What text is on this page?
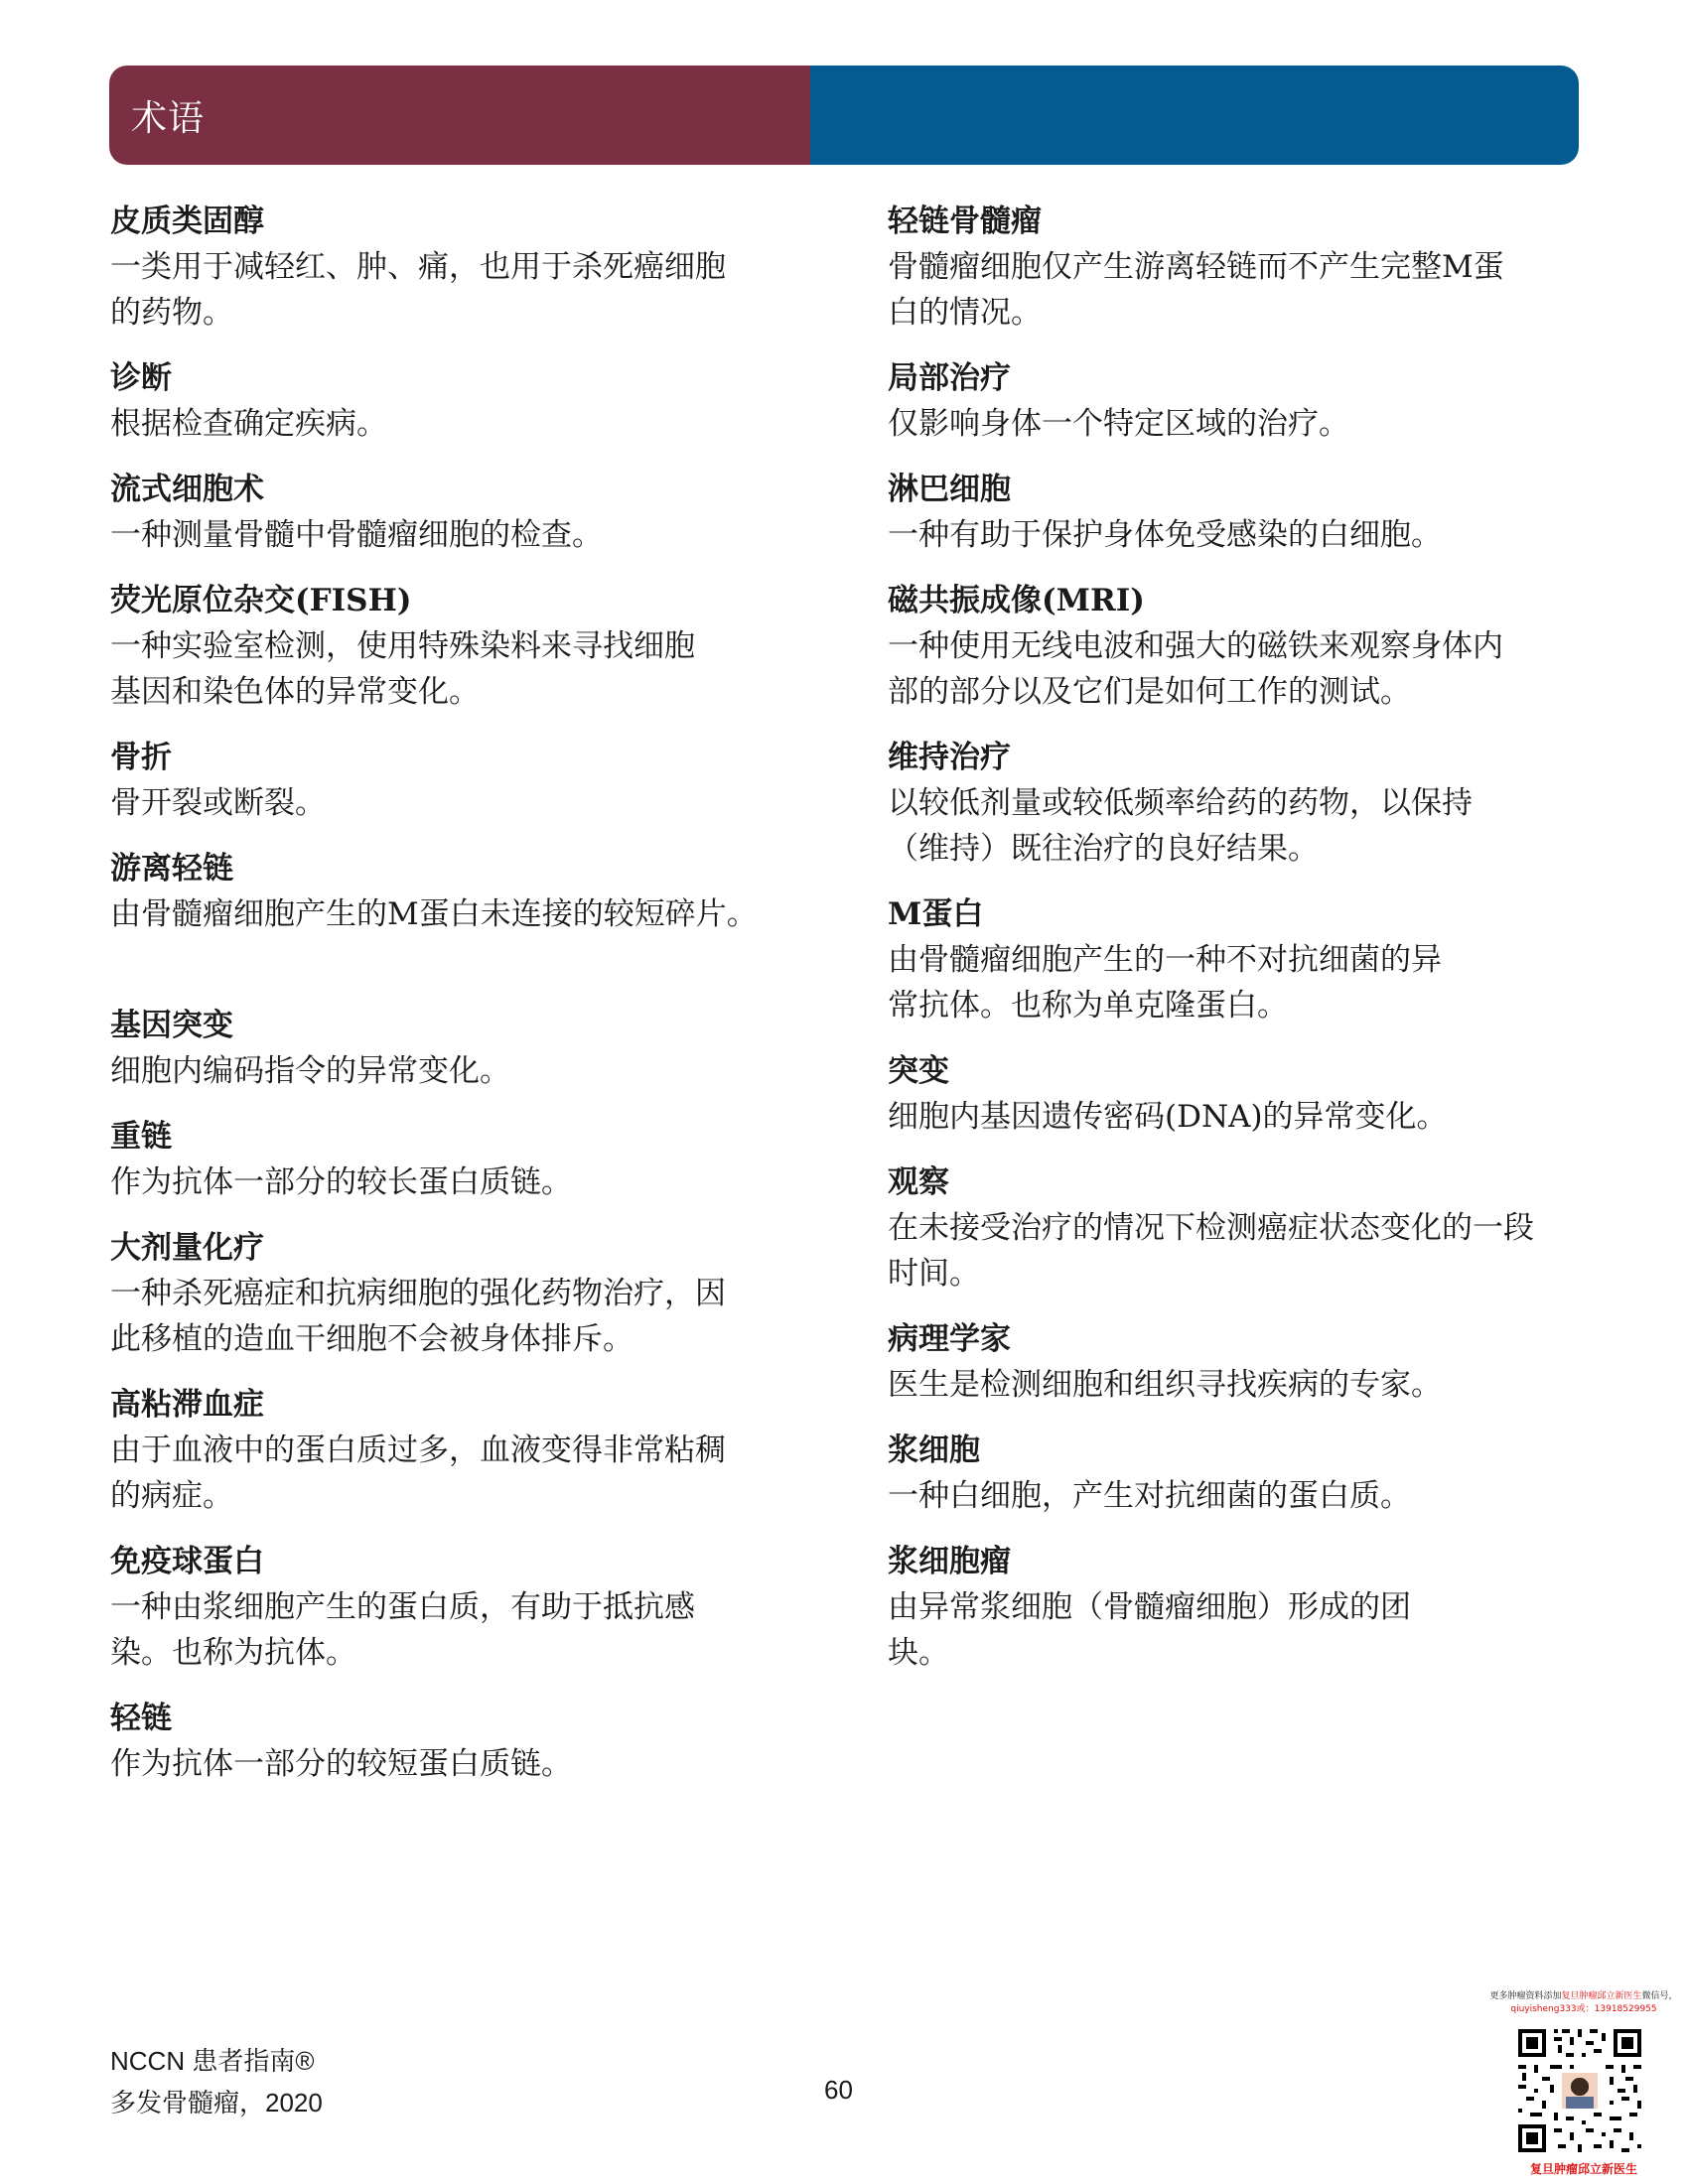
术语

皮质类固醇

一类用于减轻红、肿、痛，也用于杀死癌细胞

的药物。

诊断

根据检查确定疾病。

流式细胞术

一种测量骨髓中骨髓瘤细胞的检查。

荧光原位杂交(FISH)

一种实验室检测，使用特殊染料来寻找细胞

基因和染色体的异常变化。

骨折

骨开裂或断裂。

游离轻链

由骨髓瘤细胞产生的M蛋白未连接的较短碎片。

基因突变

细胞内编码指令的异常变化。

重链

作为抗体一部分的较长蛋白质链。

大剂量化疗

一种杀死癌症和抗病细胞的强化药物治疗，因

此移植的造血干细胞不会被身体排斥。

高粘滞血症

由于血液中的蛋白质过多，血液变得非常粘稠

的病症。

免疫球蛋白

一种由浆细胞产生的蛋白质，有助于抵抗感

染。也称为抗体。

轻链

作为抗体一部分的较短蛋白质链。

轻链骨髓瘤

骨髓瘤细胞仅产生游离轻链而不产生完整M蛋

白的情况。

局部治疗

仅影响身体一个特定区域的治疗。

淋巴细胞

一种有助于保护身体免受感染的白细胞。

磁共振成像(MRI)

一种使用无线电波和强大的磁铁来观察身体内

部的部分以及它们是如何工作的测试。

维持治疗

以较低剂量或较低频率给药的药物，以保持

（维持）既往治疗的良好结果。

M蛋白

由骨髓瘤细胞产生的一种不对抗细菌的异

常抗体。也称为单克隆蛋白。

突变

细胞内基因遗传密码(DNA)的异常变化。

观察

在未接受治疗的情况下检测癌症状态变化的一段

时间。

病理学家

医生是检测细胞和组织寻找疾病的专家。

浆细胞

一种白细胞，产生对抗细菌的蛋白质。

浆细胞瘤

由异常浆细胞（骨髓瘤细胞）形成的团

块。

NCCN 患者指南®
多发骨髓瘤，2020	60
更多肿瘤资料添加复旦肿瘤邱立新医生微信号，
qiuyisheng333或：13918529955
复旦肿瘤邱立新医生
